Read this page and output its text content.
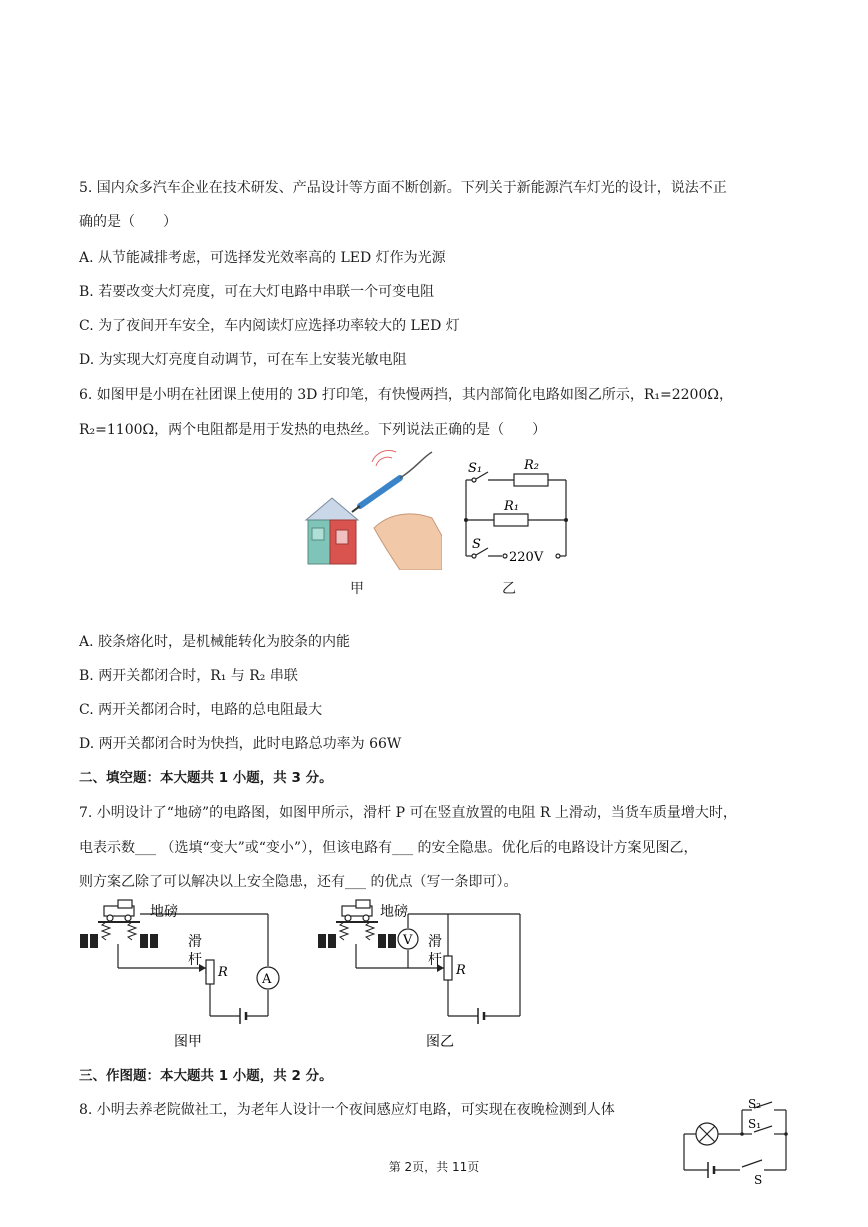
5. 国内众多汽车企业在技术研发、产品设计等方面不断创新。下列关于新能源汽车灯光的设计，说法不正
确的是（　　）
A. 从节能减排考虑，可选择发光效率高的 LED 灯作为光源
B. 若要改变大灯亮度，可在大灯电路中串联一个可变电阻
C. 为了夜间开车安全，车内阅读灯应选择功率较大的 LED 灯
D. 为实现大灯亮度自动调节，可在车上安装光敏电阻
6. 如图甲是小明在社团课上使用的 3D 打印笔，有快慢两挡，其内部简化电路如图乙所示，R₁=2200Ω，
R₂=1100Ω，两个电阻都是用于发热的电热丝。下列说法正确的是（　　）
S₁	R₂
R₁
S
220V
甲	乙
A. 胶条熔化时，是机械能转化为胶条的内能
B. 两开关都闭合时，R₁ 与 R₂ 串联
C. 两开关都闭合时，电路的总电阻最大
D. 两开关都闭合时为快挡，此时电路总功率为 66W
二、填空题：本大题共 1 小题，共 3 分。
7. 小明设计了“地磅”的电路图，如图甲所示，滑杆 P 可在竖直放置的电阻 R 上滑动，当货车质量增大时，
电表示数___ （选填“变大”或“变小”），但该电路有___ 的安全隐患。优化后的电路设计方案见图乙，
则方案乙除了可以解决以上安全隐患，还有___ 的优点（写一条即可）。
A
地磅
滑
杆
R
图甲
V
地磅
滑
杆
R
图乙
三、作图题：本大题共 1 小题，共 2 分。
8. 小明去养老院做社工，为老年人设计一个夜间感应灯电路，可实现在夜晚检测到人体	S₂
S₁
S
第 2页，共 11页
